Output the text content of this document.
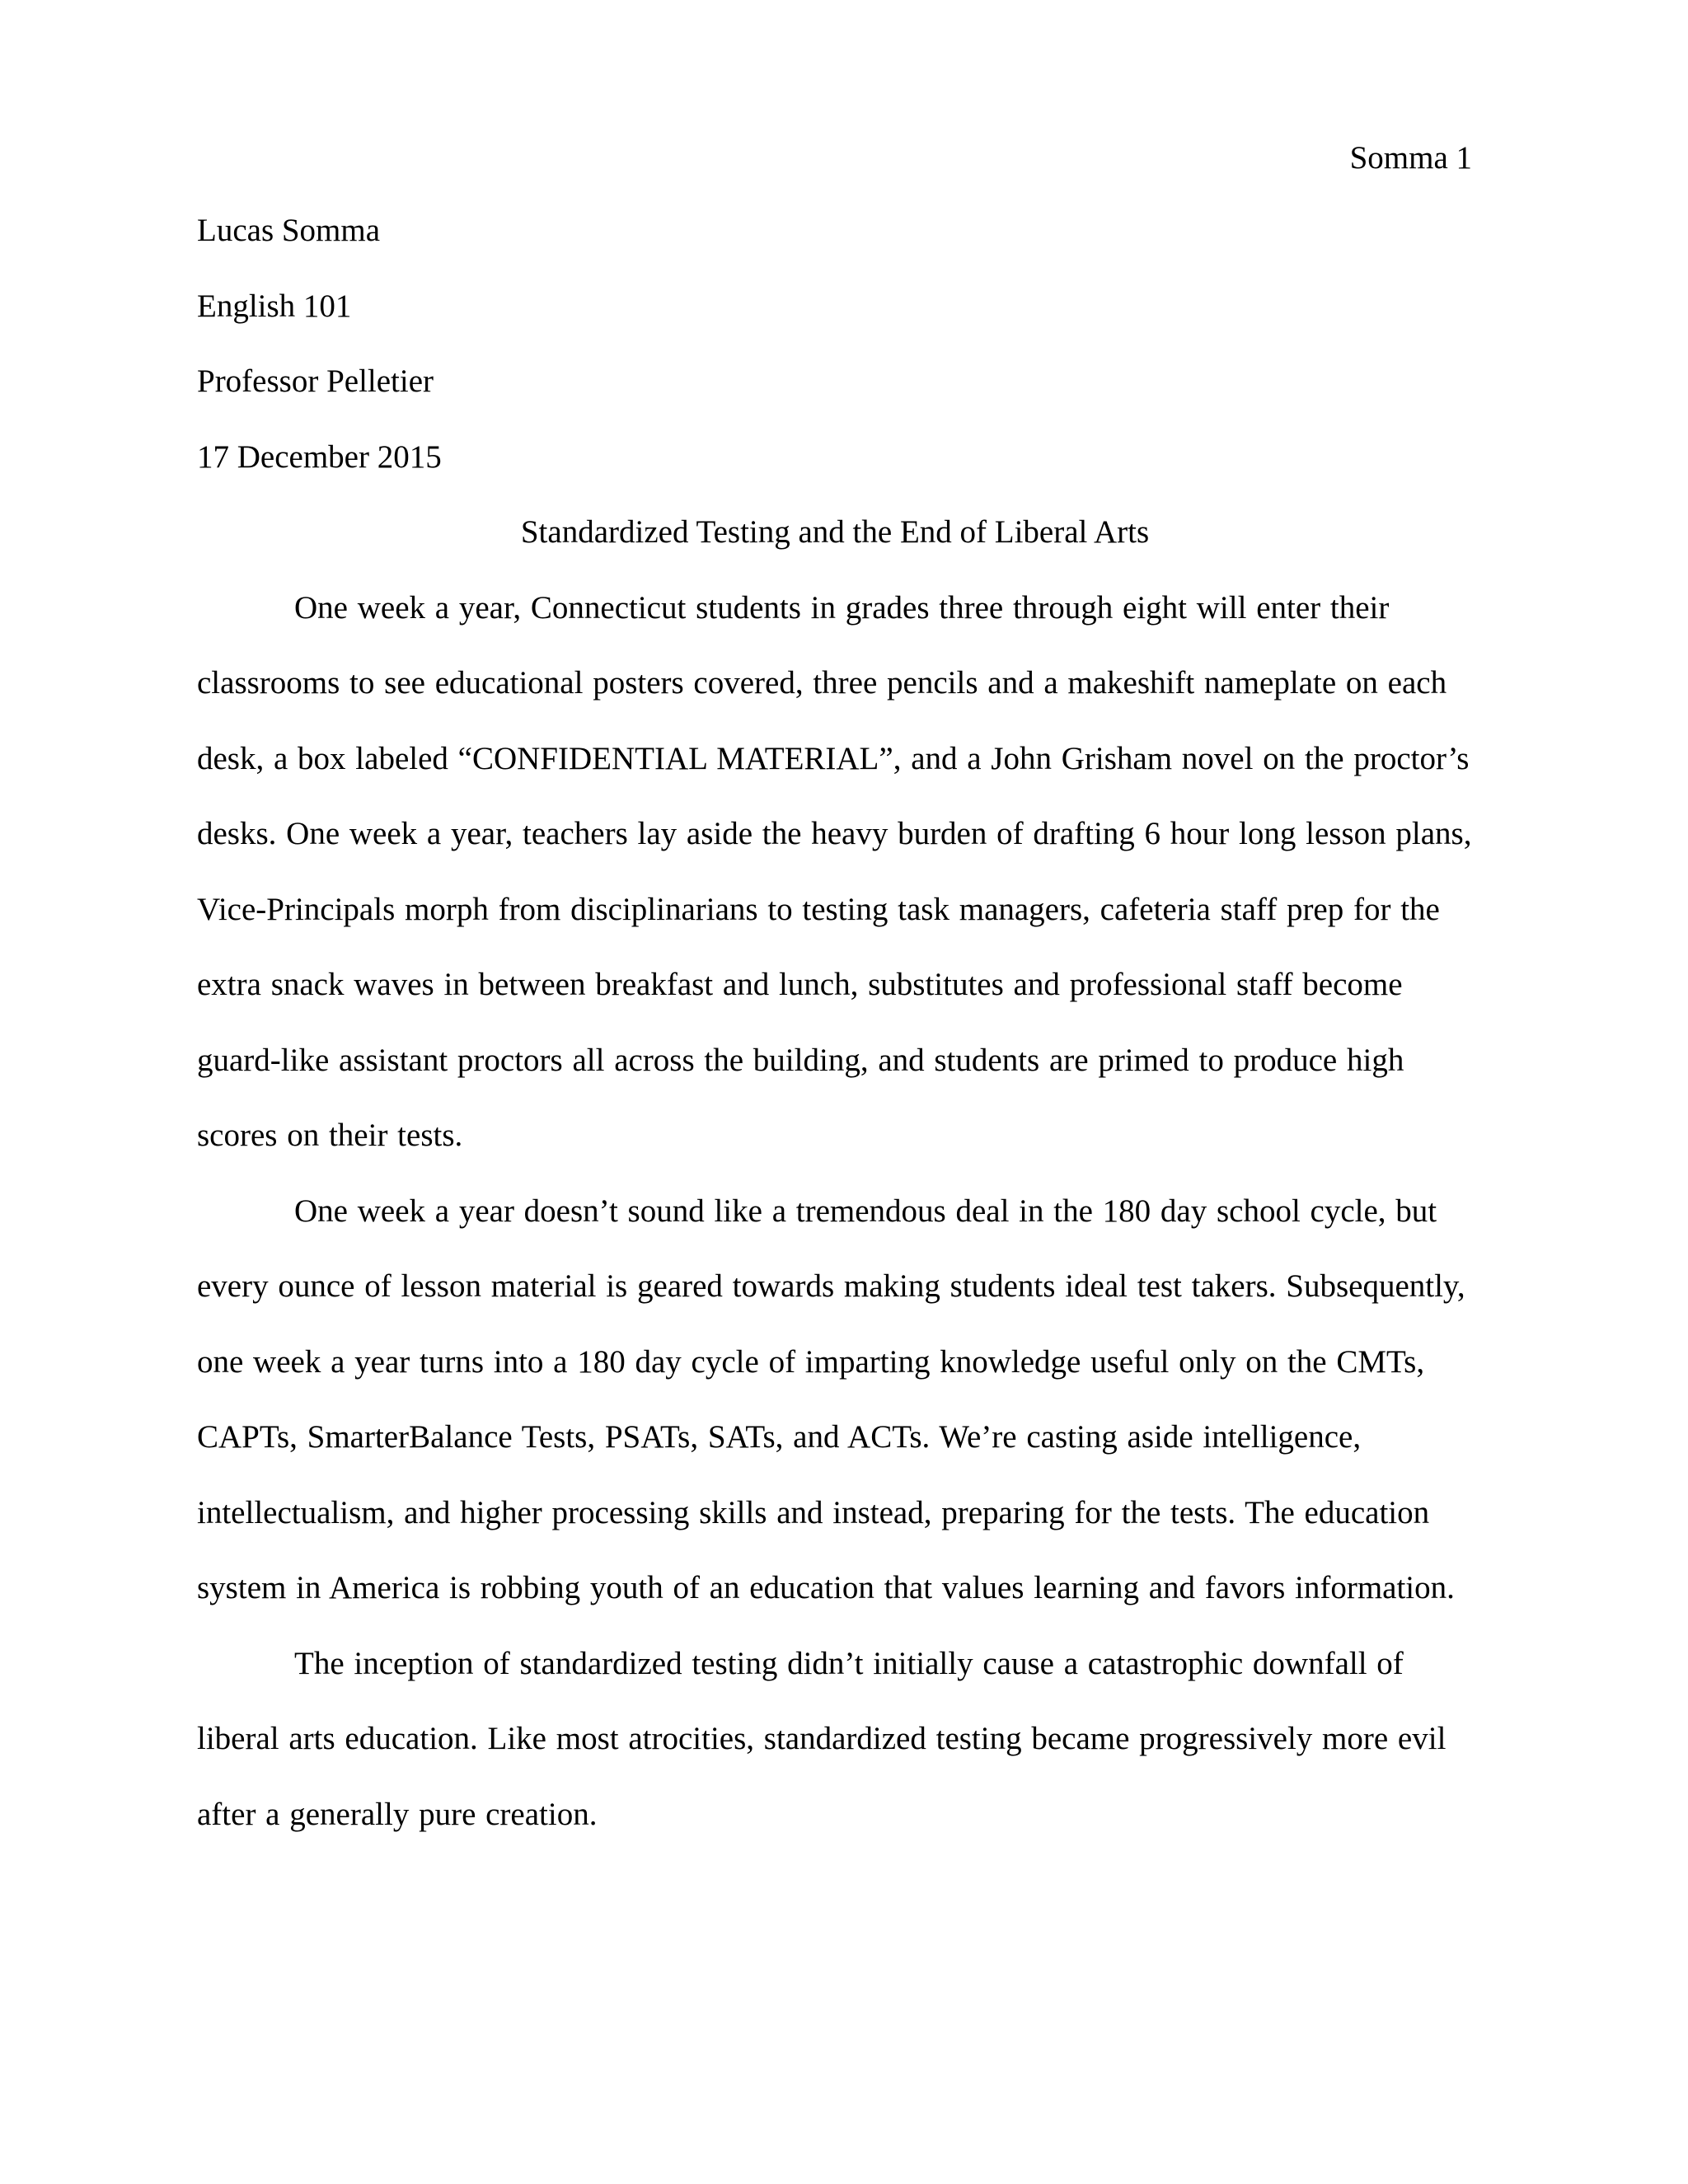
Somma 1
Lucas Somma
English 101
Professor Pelletier
17 December 2015
Standardized Testing and the End of Liberal Arts

One week a year, Connecticut students in grades three through eight will enter their classrooms to see educational posters covered, three pencils and a makeshift nameplate on each desk, a box labeled “CONFIDENTIAL MATERIAL”, and a John Grisham novel on the proctor’s desks. One week a year, teachers lay aside the heavy burden of drafting 6 hour long lesson plans, Vice-Principals morph from disciplinarians to testing task managers, cafeteria staff prep for the extra snack waves in between breakfast and lunch, substitutes and professional staff become guard-like assistant proctors all across the building, and students are primed to produce high scores on their tests.

One week a year doesn’t sound like a tremendous deal in the 180 day school cycle, but every ounce of lesson material is geared towards making students ideal test takers. Subsequently, one week a year turns into a 180 day cycle of imparting knowledge useful only on the CMTs, CAPTs, SmarterBalance Tests, PSATs, SATs, and ACTs. We’re casting aside intelligence, intellectualism, and higher processing skills and instead, preparing for the tests. The education system in America is robbing youth of an education that values learning and favors information.

The inception of standardized testing didn’t initially cause a catastrophic downfall of liberal arts education. Like most atrocities, standardized testing became progressively more evil after a generally pure creation.
